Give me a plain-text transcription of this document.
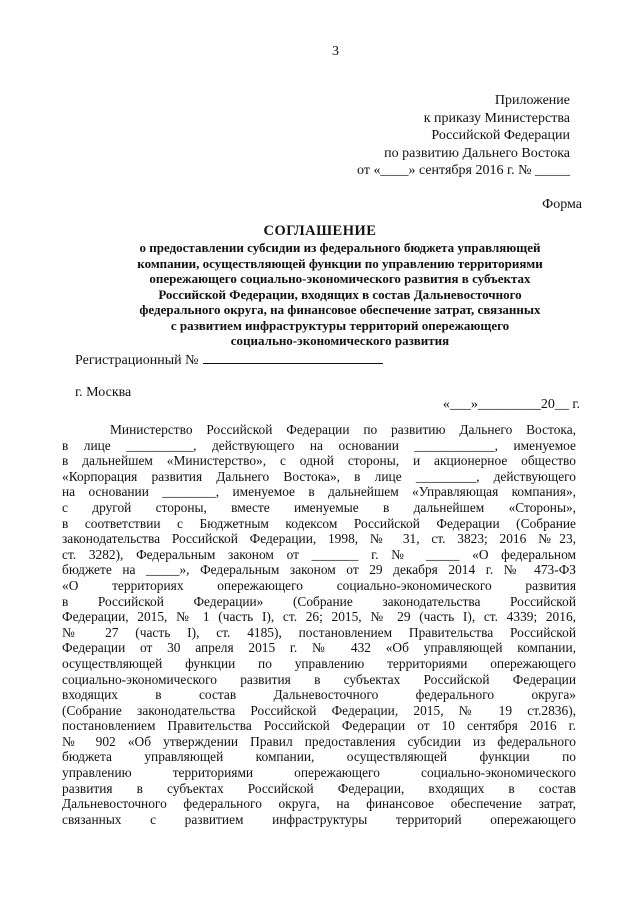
3
Приложение
к приказу Министерства
Российской Федерации
по развитию Дальнего Востока
от «____» сентября 2016 г. № _____
Форма
СОГЛАШЕНИЕ
о предоставлении субсидии из федерального бюджета управляющей
компании, осуществляющей функции по управлению территориями
опережающего социально-экономического развития в субъектах
Российской Федерации, входящих в состав Дальневосточного
федерального округа, на финансовое обеспечение затрат, связанных
с развитием инфраструктуры территорий опережающего
социально-экономического развития
Регистрационный №
г. Москва
«___»_________20__ г.
Министерство Российской Федерации по развитию Дальнего Востока,
в лице __________, действующего на основании ____________, именуемое
в дальнейшем «Министерство», с одной стороны, и акционерное общество
«Корпорация развития Дальнего Востока», в лице _________, действующего
на основании ________, именуемое в дальнейшем «Управляющая компания»,
с другой стороны, вместе именуемые в дальнейшем «Стороны»,
в соответствии с Бюджетным кодексом Российской Федерации (Собрание
законодательства Российской Федерации, 1998, № 31, ст. 3823; 2016 №23,
ст. 3282), Федеральным законом от _______ г. № _____ «О федеральном
бюджете на _____», Федеральным законом от 29 декабря 2014 г. № 473-ФЗ
«О территориях опережающего социально-экономического развития
в Российской Федерации» (Собрание законодательства Российской
Федерации, 2015, № 1 (часть I), ст. 26; 2015, № 29 (часть I), ст. 4339; 2016,
№ 27 (часть I), ст. 4185), постановлением Правительства Российской
Федерации от 30 апреля 2015 г. № 432 «Об управляющей компании,
осуществляющей функции по управлению территориями опережающего
социально-экономического развития в субъектах Российской Федерации
входящих в состав Дальневосточного федерального округа»
(Собрание законодательства Российской Федерации, 2015, № 19 ст.2836),
постановлением Правительства Российской Федерации от 10 сентября 2016 г.
№ 902 «Об утверждении Правил предоставления субсидии из федерального
бюджета управляющей компании, осуществляющей функции по
управлению территориями опережающего социально-экономического
развития в субъектах Российской Федерации, входящих в состав
Дальневосточного федерального округа, на финансовое обеспечение затрат,
связанных с развитием инфраструктуры территорий опережающего
